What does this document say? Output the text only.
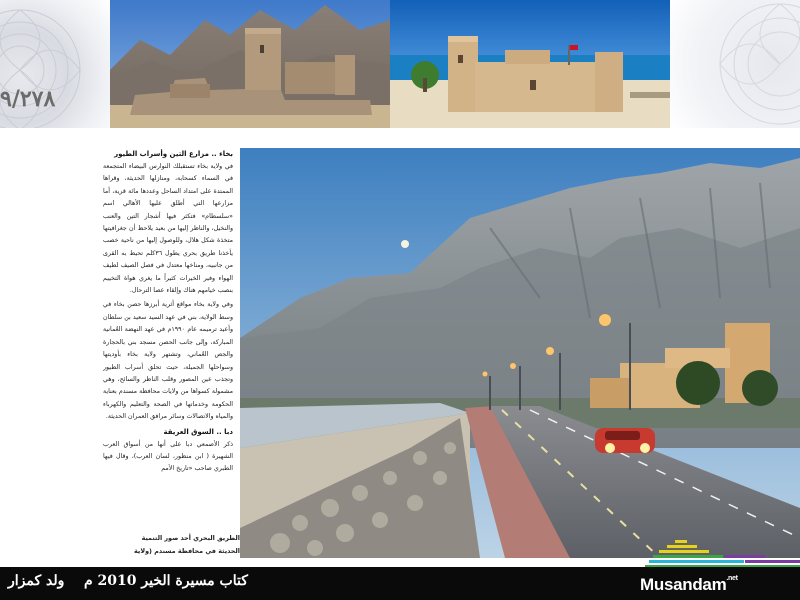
٩/٢٧٨
بخاء .. مزارع التين وأسراب الطيور

في ولاية بخاء تستقبلك النوارس البيضاء المتجمعة في السماء كسحابة، ومنازلها الحديثة، وقراها الممتدة على امتداد الساحل وعددها مائة قرية، أما مزارعها التي أطلق عليها الأهالي اسم «سلسطام» فتكثر فيها أشجار التين والعنب والنخيل، والناظر إليها من بعيد يلاحظ أن جغرافيتها متخذة شكل هلال، وللوصول إليها من ناحية خصب يأخذنا طريق بحري يطول ٣٦كلم تحيط به القرى من جانبيه، ومناخها معتدل في فصل الصيف لطيف الهواء وفير الخيرات كثيراً ما يغري هواة التخييم بنصب خيامهم هناك وإلقاء عصا الترحال.

وفي ولاية بخاء مواقع أثرية أبرزها حصن بخاء في وسط الولاية، بني في عهد السيد سعيد بن سلطان وأعيد ترميمه عام ١٩٩٠م في عهد النهضة العُمانية المباركة، وإلى جانب الحصن مسجد بني بالحجارة والجص العُماني، وتشتهر ولاية بخاء بأوديتها وسواحلها الجميلة، حيث تحلق أسراب الطيور وتجذب عين المصور وقلب الناظر والسائح، وهي مشمولة كسواها من ولايات محافظة مسندم بعناية الحكومة وخدماتها في الصحة والتعليم والكهرباء والمياه والاتصالات وسائر مرافق العمران الحديثة.

دبا .. السوق العريقة

ذكر الأصمعي دبا على أنها من أسواق العرب الشهيرة ( ابن منظور، لسان العرب)، وقال فيها الطبري صاحب «تاريخ الأمم

الطريق البحري أحد صور التنمية
الحديثة في محافظة مسندم (ولاية
ولد كمزار كتاب مسيرة الخير 2010 م	Musandam$^{.net}$
